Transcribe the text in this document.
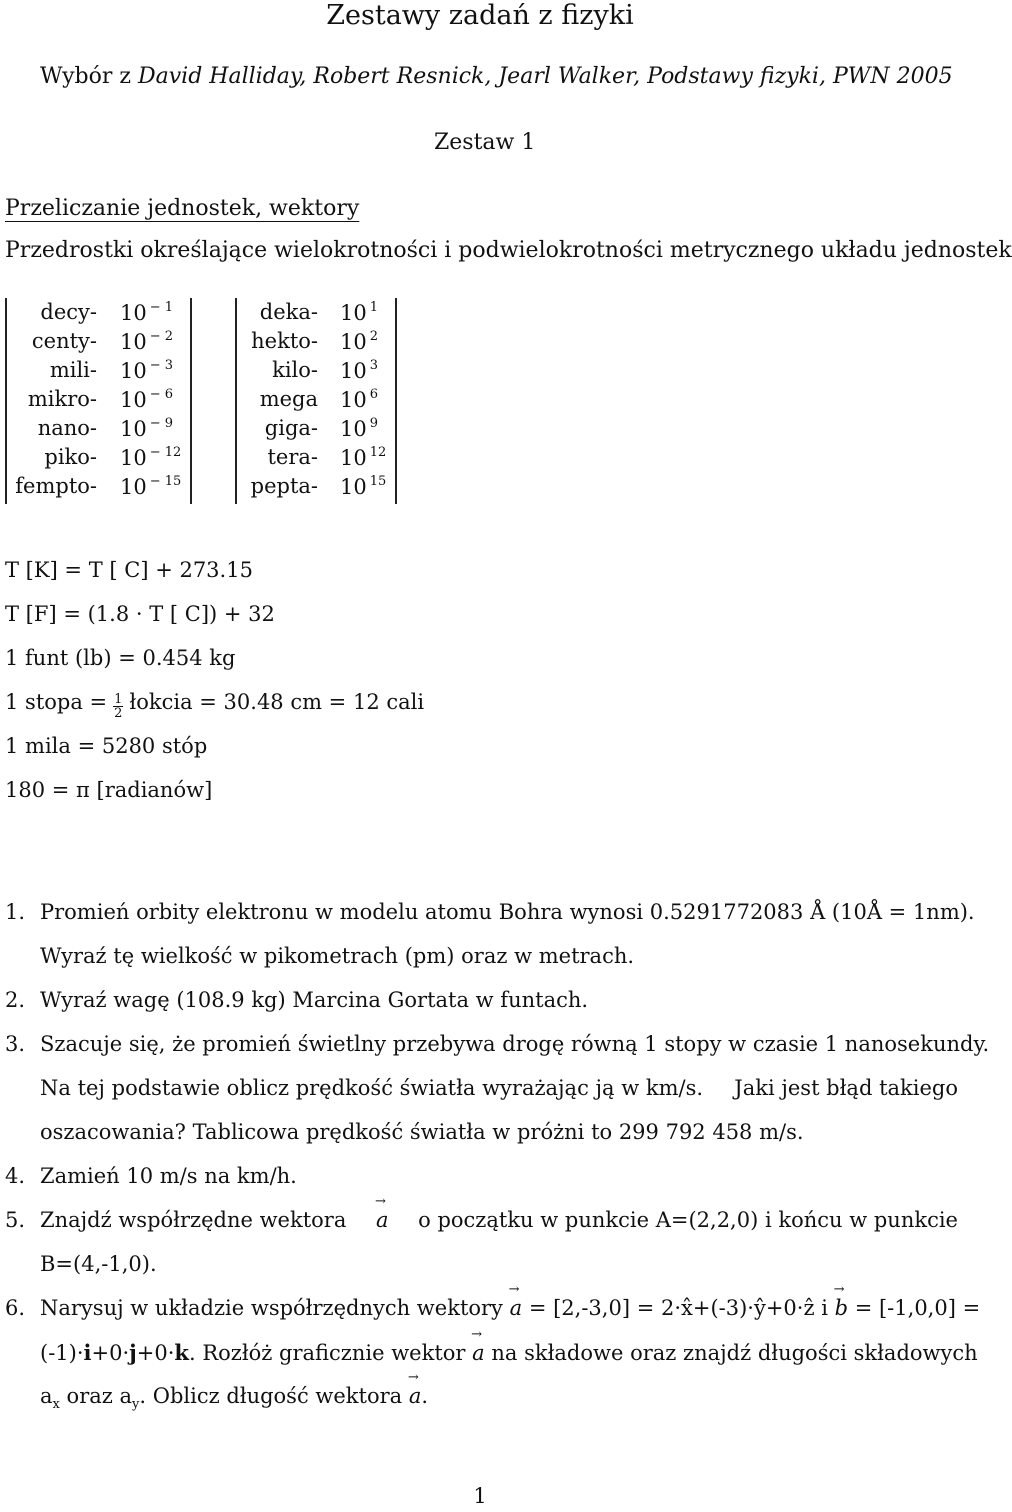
Zestawy zadań z fizyki
Wybór z David Halliday, Robert Resnick, Jearl Walker, Podstawy fizyki, PWN 2005
Zestaw 1
Przeliczanie jednostek, wektory
Przedrostki określające wielokrotności i podwielokrotności metrycznego układu jednostek
decy- 10 $^{- 1}$
centy- 10 $^{- 2}$
mili- 10 $^{- 3}$
mikro- 10 $^{- 6}$
nano- 10 $^{- 9}$
piko- 10 $^{- 12}$
fempto- 10 $^{- 15}$
deka- 10 $^1$
hekto- 10 $^2$
kilo- 10 $^3$
mega 10 $^6$
giga- 10 $^9$
tera- 10 $^{12}$
pepta- 10 $^{15}$
T [K] = T [ C] + 273.15
T [F] = (1.8 · T [ C]) + 32
1 funt (lb) = 0.454 kg
1 stopa = $\frac{1}{2}$ łokcia = 30.48 cm = 12 cali
1 mila = 5280 stóp
180 = π [radianów]
1. Promień orbity elektronu w modelu atomu Bohra wynosi 0.5291772083 Å (10Å = 1nm).
Wyraź tę wielkość w pikometrach (pm) oraz w metrach.
2. Wyraź wagę (108.9 kg) Marcina Gortata w funtach.
3. Szacuje się, że promień świetlny przebywa drogę równą 1 stopy w czasie 1 nanosekundy.
Na tej podstawie oblicz prędkość światła wyrażając ją w km/s. Jaki jest błąd takiego
oszacowania? Tablicowa prędkość światła w próżni to 299 792 458 m/s.
4. Zamień 10 m/s na km/h.
5. Znajdź współrzędne wektora → a o początku w punkcie A=(2,2,0) i końcu w punkcie
B=(4,-1,0).
6. Narysuj w układzie współrzędnych wektory → a = [2,-3,0] = 2·x̂+(-3)·ŷ+0·ẑ i → b = [-1,0,0] =
(-1)·i+0·j+0·k. Rozłóż graficznie wektor → a na składowe oraz znajdź długości składowych
$a_x$ oraz $a_y$. Oblicz długość wektora → a.
1
